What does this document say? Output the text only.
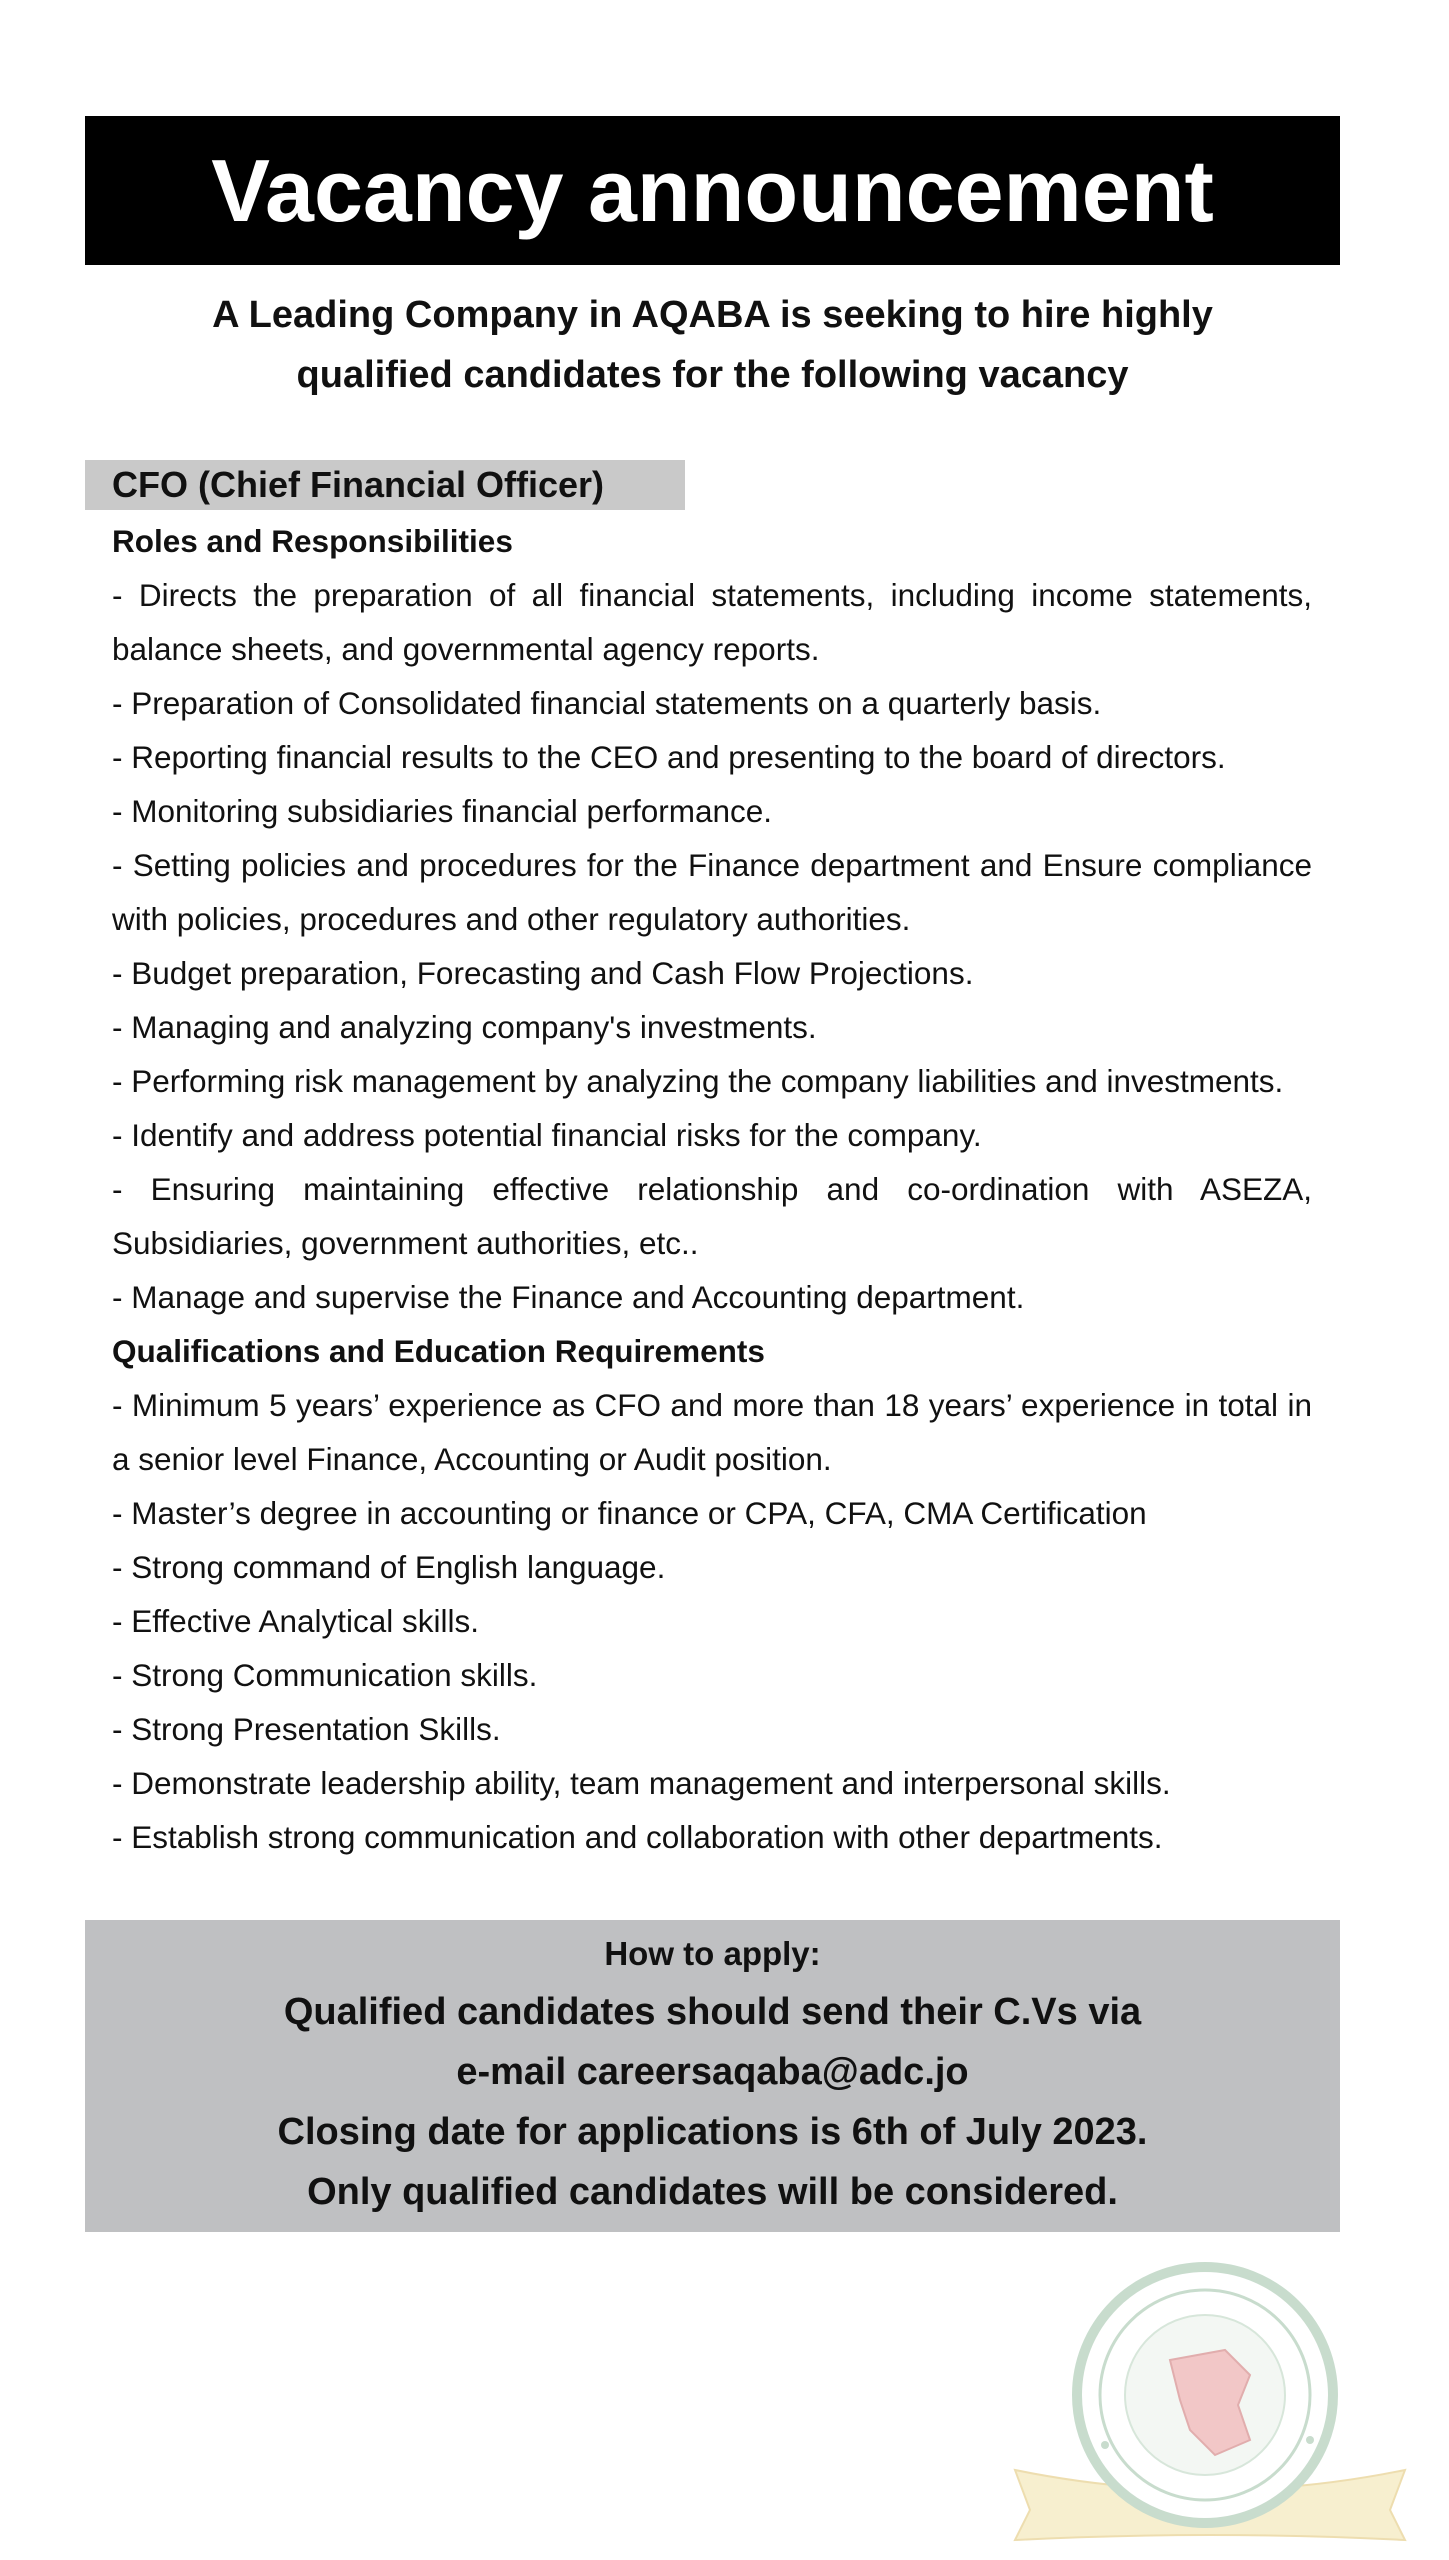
Vacancy announcement
A Leading Company in AQABA is seeking to hire highly
qualified candidates for the following vacancy
CFO (Chief Financial Officer)
Roles and Responsibilities
- Directs the preparation of all financial statements, including income statements, balance sheets, and governmental agency reports.
- Preparation of Consolidated financial statements on a quarterly basis.
- Reporting financial results to the CEO and presenting to the board of directors.
- Monitoring subsidiaries financial performance.
- Setting policies and procedures for the Finance department and Ensure compliance with policies, procedures and other regulatory authorities.
- Budget preparation, Forecasting and Cash Flow Projections.
- Managing and analyzing company's investments.
- Performing risk management by analyzing the company liabilities and investments.
- Identify and address potential financial risks for the company.
- Ensuring maintaining effective relationship and co-ordination with ASEZA, Subsidiaries, government authorities, etc..
- Manage and supervise the Finance and Accounting department.
Qualifications and Education Requirements
- Minimum 5 years’ experience as CFO and more than 18 years’ experience in total in a senior level Finance, Accounting or Audit position.
- Master’s degree in accounting or finance or CPA, CFA, CMA Certification
- Strong command of English language.
- Effective Analytical skills.
- Strong Communication skills.
- Strong Presentation Skills.
- Demonstrate leadership ability, team management and interpersonal skills.
- Establish strong communication and collaboration with other departments.
How to apply:
Qualified candidates should send their C.Vs via
e-mail careersaqaba@adc.jo
Closing date for applications is 6th of July 2023.
Only qualified candidates will be considered.
